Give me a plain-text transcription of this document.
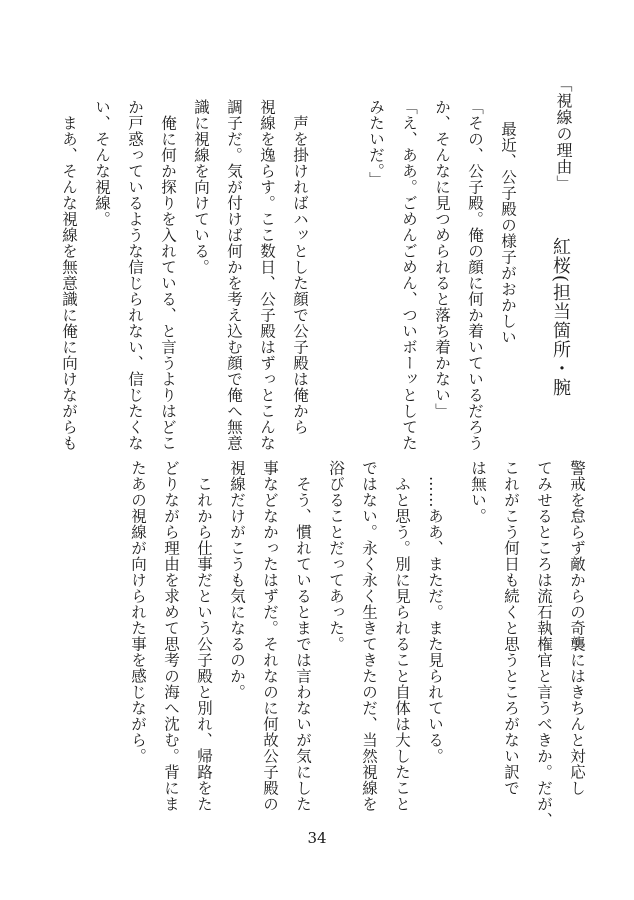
「視線の理由」
紅桜(担当箇所・腕
最近、公子殿の様子がおかしい
「その、公子殿。俺の顔に何か着いているだろう
か、そんなに見つめられると落ち着かない」
「え、ああ。ごめんごめん、ついボーッとしてた
みたいだ。」
　声を掛ければハッとした顔で公子殿は俺から
視線を逸らす。ここ数日、公子殿はずっとこんな
調子だ。気が付けば何かを考え込む顔で俺へ無意
識に視線を向けている。
　俺に何か探りを入れている、と言うよりはどこ
か戸惑っているような信じられない、信じたくな
い、そんな視線。
　まあ、そんな視線を無意識に俺に向けながらも
警戒を怠らず敵からの奇襲にはきちんと対応し
てみせるところは流石執権官と言うべきか。だが、
これがこう何日も続くと思うところがない訳で
は無い。
　……ああ、まただ。また見られている。
　ふと思う。別に見られること自体は大したこと
ではない。永く永く生きてきたのだ、当然視線を
浴びることだってあった。
　そう、慣れているとまでは言わないが気にした
事などなかったはずだ。それなのに何故公子殿の
視線だけがこうも気になるのか。
　これから仕事だという公子殿と別れ、帰路をた
どりながら理由を求めて思考の海へ沈む。背にま
たあの視線が向けられた事を感じながら。
34
